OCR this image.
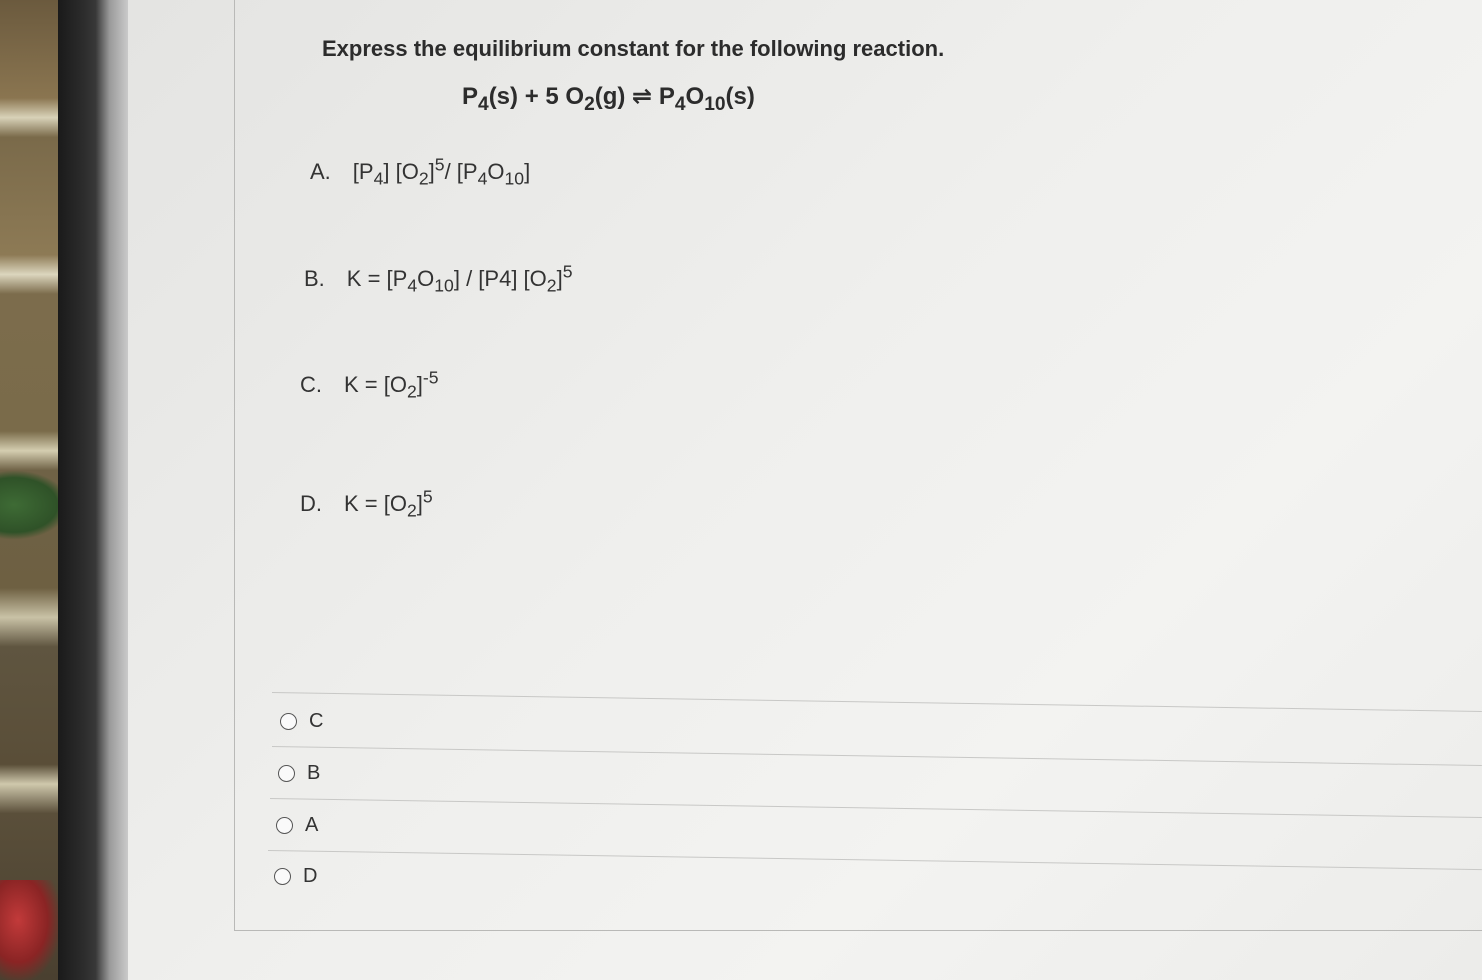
Express the equilibrium constant for the following reaction.
$P_4(s) + 5$ $O_2(g)$ ⇌ $P_4O_{10}(s)$
A. $[P_4]$ $[O_2]^5/$ $[P_4O_{10}]$
B. $K = [P_4O_{10}] / [P4]$ $[O_2]^5$
C. $K = [O_2]^{-5}$
D. $K = [O_2]^5$
C
B
A
D
